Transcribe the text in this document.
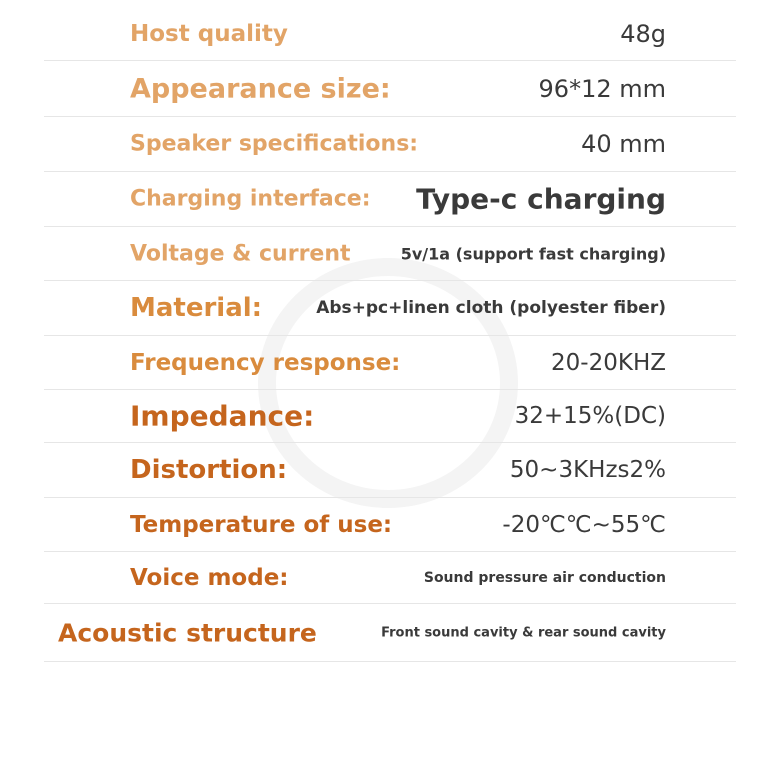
Host quality	48g
Appearance size:	96*12 mm
Speaker specifications:	40 mm
Charging interface: Type-c charging
Voltage & current	5v/1a (support fast charging)
Material:	Abs+pc+linen cloth (polyester fiber)
Frequency response:	20-20KHZ
Impedance:	32+15%(DC)
Distortion:	50~3KHzs2%
Temperature of use:	-20℃℃~55℃
Voice mode:	Sound pressure air conduction
Acoustic structure	Front sound cavity & rear sound cavity
